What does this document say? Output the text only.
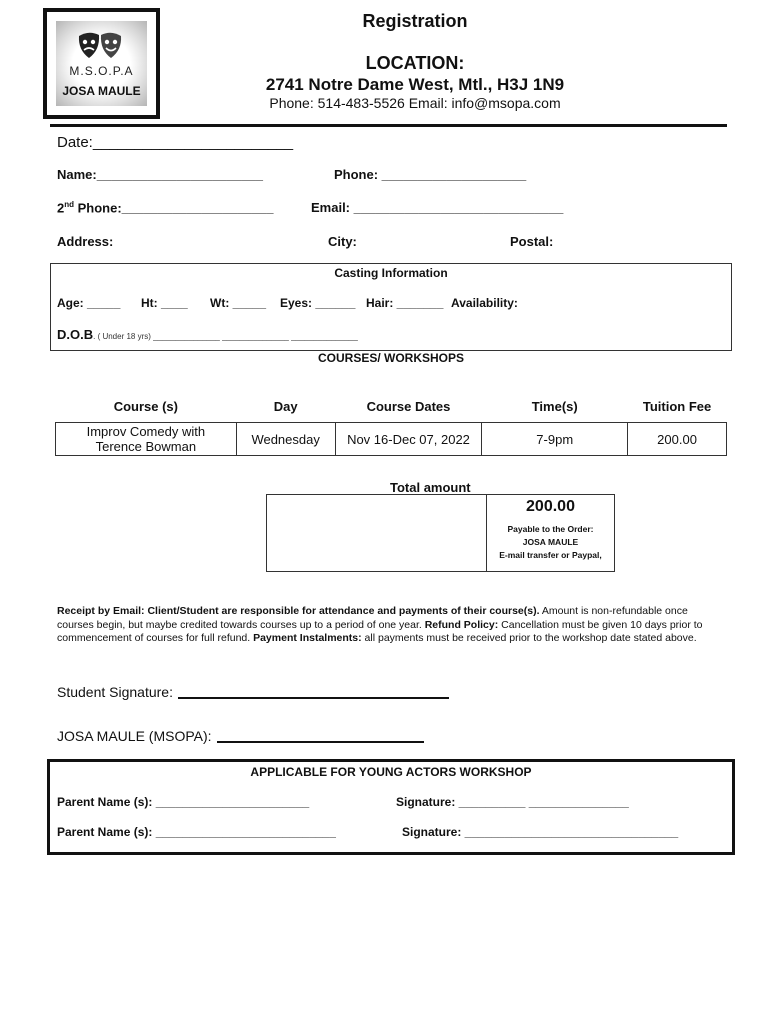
M.S.O.P.A
JOSA MAULE
Registration
LOCATION:
2741 Notre Dame West, Mtl., H3J 1N9
Phone: 514-483-5526 Email: info@msopa.com
Date:________________________
Name:_______________________	Phone: ____________________
2nd Phone:_____________________	Email: _____________________________
Address:	City:	Postal:
Casting Information
Age: _____ Ht: ____ Wt: _____ Eyes: ______ Hair: _______ Availability:
D.O.B. ( Under 18 yrs) _______________ _______________ _______________
COURSES/ WORKSHOPS
Course (s)	Day	Course Dates	Time(s)	Tuition Fee

Improv Comedy with
Terence Bowman	Wednesday	Nov 16-Dec 07, 2022	7-9pm	200.00
Total amount
200.00
Payable to the Order:
JOSA MAULE
E-mail transfer or Paypal,
Receipt by Email: Client/Student are responsible for attendance and payments of their course(s). Amount is non-refundable once courses begin, but maybe credited towards courses up to a period of one year. Refund Policy: Cancellation must be given 10 days prior to commencement of courses for full refund. Payment Instalments: all payments must be received prior to the workshop date stated above.
Student Signature:
JOSA MAULE (MSOPA):
APPLICABLE FOR YOUNG ACTORS WORKSHOP
Parent Name (s): _______________________	Signature: __________ _______________
Parent Name (s): ___________________________	Signature: ________________________________
